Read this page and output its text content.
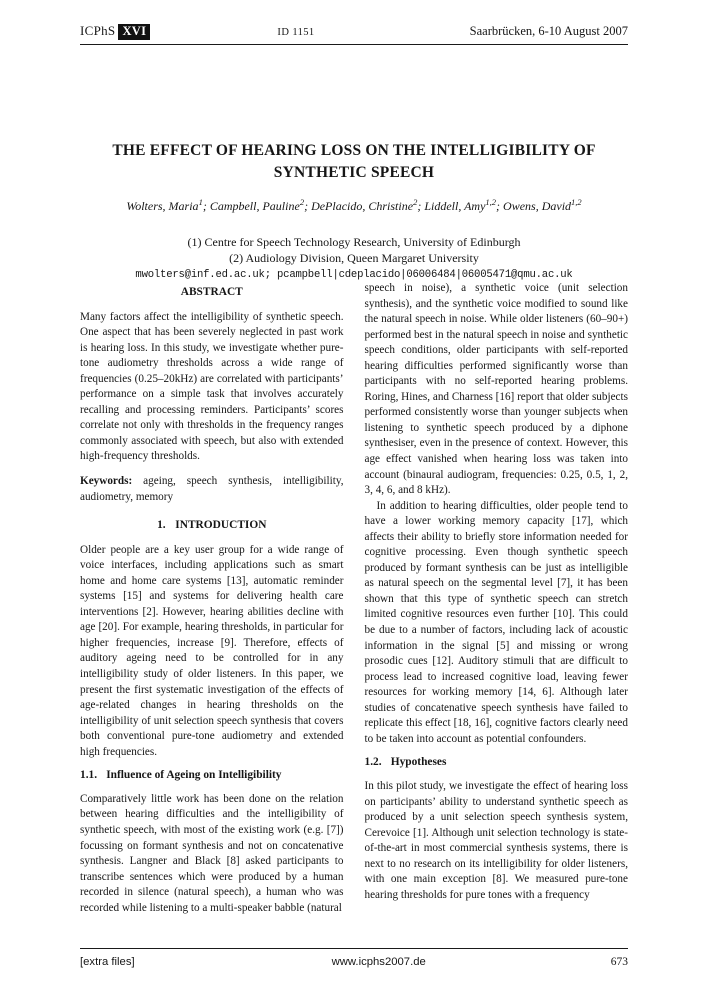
ICPhS XVI	ID 1151	Saarbrücken, 6-10 August 2007
THE EFFECT OF HEARING LOSS ON THE INTELLIGIBILITY OF SYNTHETIC SPEECH
Wolters, Maria$^1$; Campbell, Pauline$^2$; DePlacido, Christine$^2$; Liddell, Amy$^{1,2}$; Owens, David$^{1,2}$
(1) Centre for Speech Technology Research, University of Edinburgh
(2) Audiology Division, Queen Margaret University
mwolters@inf.ed.ac.uk; pcampbell|cdeplacido|06006484|06005471@qmu.ac.uk
ABSTRACT

Many factors affect the intelligibility of synthetic speech. One aspect that has been severely neglected in past work is hearing loss. In this study, we investigate whether pure-tone audiometry thresholds across a wide range of frequencies (0.25–20kHz) are correlated with participants’ performance on a simple task that involves accurately recalling and processing reminders. Participants’ scores correlate not only with thresholds in the frequency ranges commonly associated with speech, but also with extended high-frequency thresholds.

Keywords: ageing, speech synthesis, intelligibility, audiometry, memory

1. INTRODUCTION

Older people are a key user group for a wide range of voice interfaces, including applications such as smart home and home care systems [13], automatic reminder systems [15] and systems for delivering health care interventions [2]. However, hearing abilities decline with age [20]. For example, hearing thresholds, in particular for higher frequencies, increase [9]. Therefore, effects of auditory ageing need to be controlled for in any intelligibility study of older listeners. In this paper, we present the first systematic investigation of the effects of age-related changes in hearing thresholds on the intelligibility of unit selection speech synthesis that covers both conventional pure-tone audiometry and extended high frequencies.

1.1. Influence of Ageing on Intelligibility

Comparatively little work has been done on the relation between hearing difficulties and the intelligibility of synthetic speech, with most of the existing work (e.g. [7]) focussing on formant synthesis and not on concatenative synthesis. Langner and Black [8] asked participants to transcribe sentences which were produced by a human recorded in silence (natural speech), a human who was recorded while listening to a multi-speaker babble (natural

speech in noise), a synthetic voice (unit selection synthesis), and the synthetic voice modified to sound like the natural speech in noise. While older listeners (60–90+) performed best in the natural speech in noise and synthetic speech conditions, older participants with self-reported hearing difficulties performed significantly worse than participants with no self-reported hearing problems. Roring, Hines, and Charness [16] report that older subjects performed consistently worse than younger subjects when listening to synthetic speech produced by a diphone synthesiser, even in the presence of context. However, this age effect vanished when hearing loss was taken into account (binaural audiogram, frequencies: 0.25, 0.5, 1, 2, 3, 4, 6, and 8 kHz).

In addition to hearing difficulties, older people tend to have a lower working memory capacity [17], which affects their ability to briefly store information needed for cognitive processing. Even though synthetic speech produced by formant synthesis can be just as intelligible as natural speech on the segmental level [7], it has been shown that this type of synthetic speech can stretch limited cognitive resources even further [10]. This could be due to a number of factors, including lack of acoustic information in the signal [5] and missing or wrong prosodic cues [12]. Auditory stimuli that are difficult to process lead to increased cognitive load, leaving fewer resources for working memory [14, 6]. Although later studies of concatenative speech synthesis have failed to replicate this effect [18, 16], cognitive factors clearly need to be taken into account as potential confounders.

1.2. Hypotheses

In this pilot study, we investigate the effect of hearing loss on participants’ ability to understand synthetic speech as produced by a unit selection speech synthesis system, Cerevoice [1]. Although unit selection technology is state-of-the-art in most commercial synthesis systems, there is next to no research on its intelligibility for older listeners, with one main exception [8]. We measured pure-tone hearing thresholds for pure tones with a frequency

[extra files]	www.icphs2007.de	673
